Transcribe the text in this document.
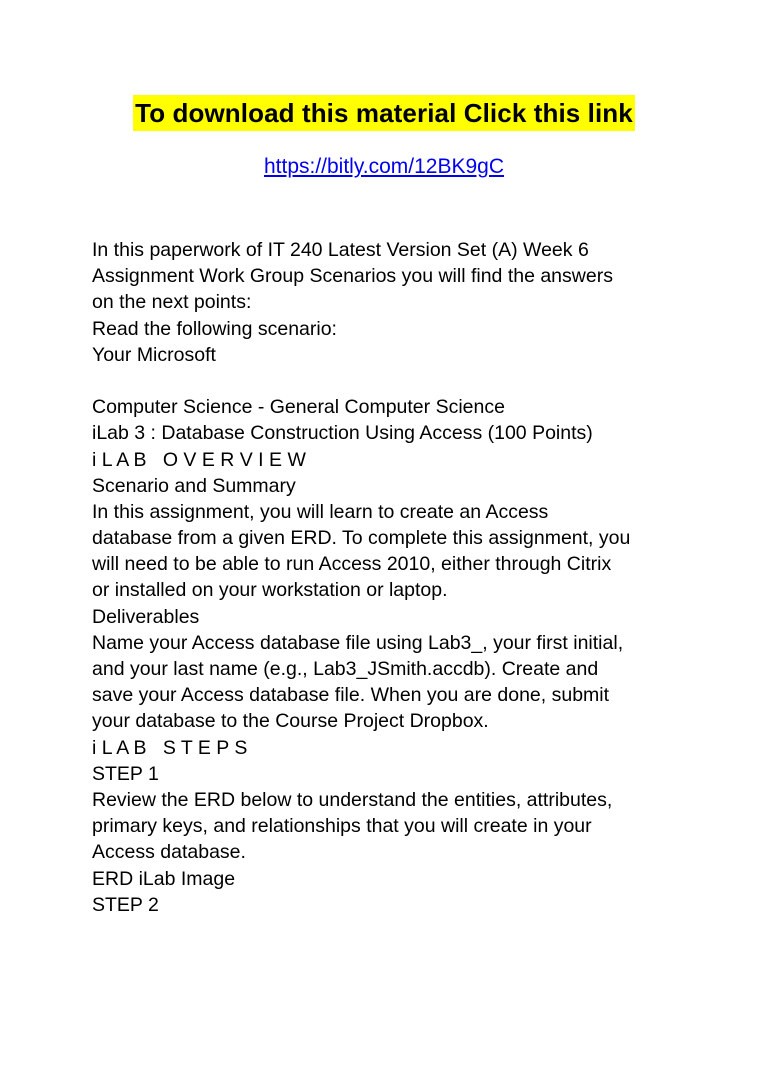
To download this material Click this link
https://bitly.com/12BK9gC
In this paperwork of IT 240 Latest Version Set (A) Week 6
Assignment Work Group Scenarios you will find the answers
on the next points:
Read the following scenario:
Your Microsoft
Computer Science - General Computer Science
iLab 3 : Database Construction Using Access (100 Points)
i L A B   O V E R V I E W
Scenario and Summary
In this assignment, you will learn to create an Access
database from a given ERD. To complete this assignment, you
will need to be able to run Access 2010, either through Citrix
or installed on your workstation or laptop.
Deliverables
Name your Access database file using Lab3_, your first initial,
and your last name (e.g., Lab3_JSmith.accdb). Create and
save your Access database file. When you are done, submit
your database to the Course Project Dropbox.
i L A B   S T E P S
STEP 1
Review the ERD below to understand the entities, attributes,
primary keys, and relationships that you will create in your
Access database.
ERD iLab Image
STEP 2
